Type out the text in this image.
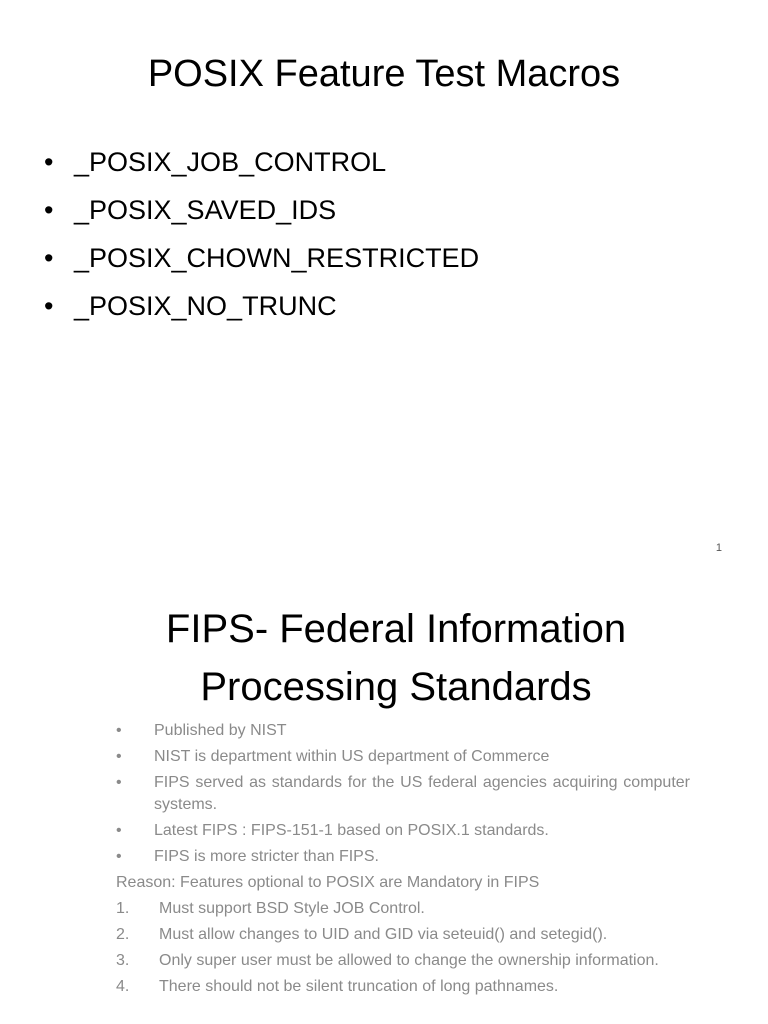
POSIX Feature Test Macros
• _POSIX_JOB_CONTROL
• _POSIX_SAVED_IDS
• _POSIX_CHOWN_RESTRICTED
• _POSIX_NO_TRUNC
1
FIPS- Federal Information
Processing Standards
•	Published by NIST
•	NIST is department within US department of Commerce
•	FIPS served as standards for the US federal agencies acquiring computer systems.
•	Latest FIPS : FIPS-151-1 based on POSIX.1 standards.
•	FIPS is more stricter than FIPS.
Reason: Features optional to POSIX are Mandatory in FIPS
1.	Must support BSD Style JOB Control.
2.	Must allow changes to UID and GID via seteuid() and setegid().
3.	Only super user must be allowed to change the ownership information.
4.	There should not be silent truncation of long pathnames.
